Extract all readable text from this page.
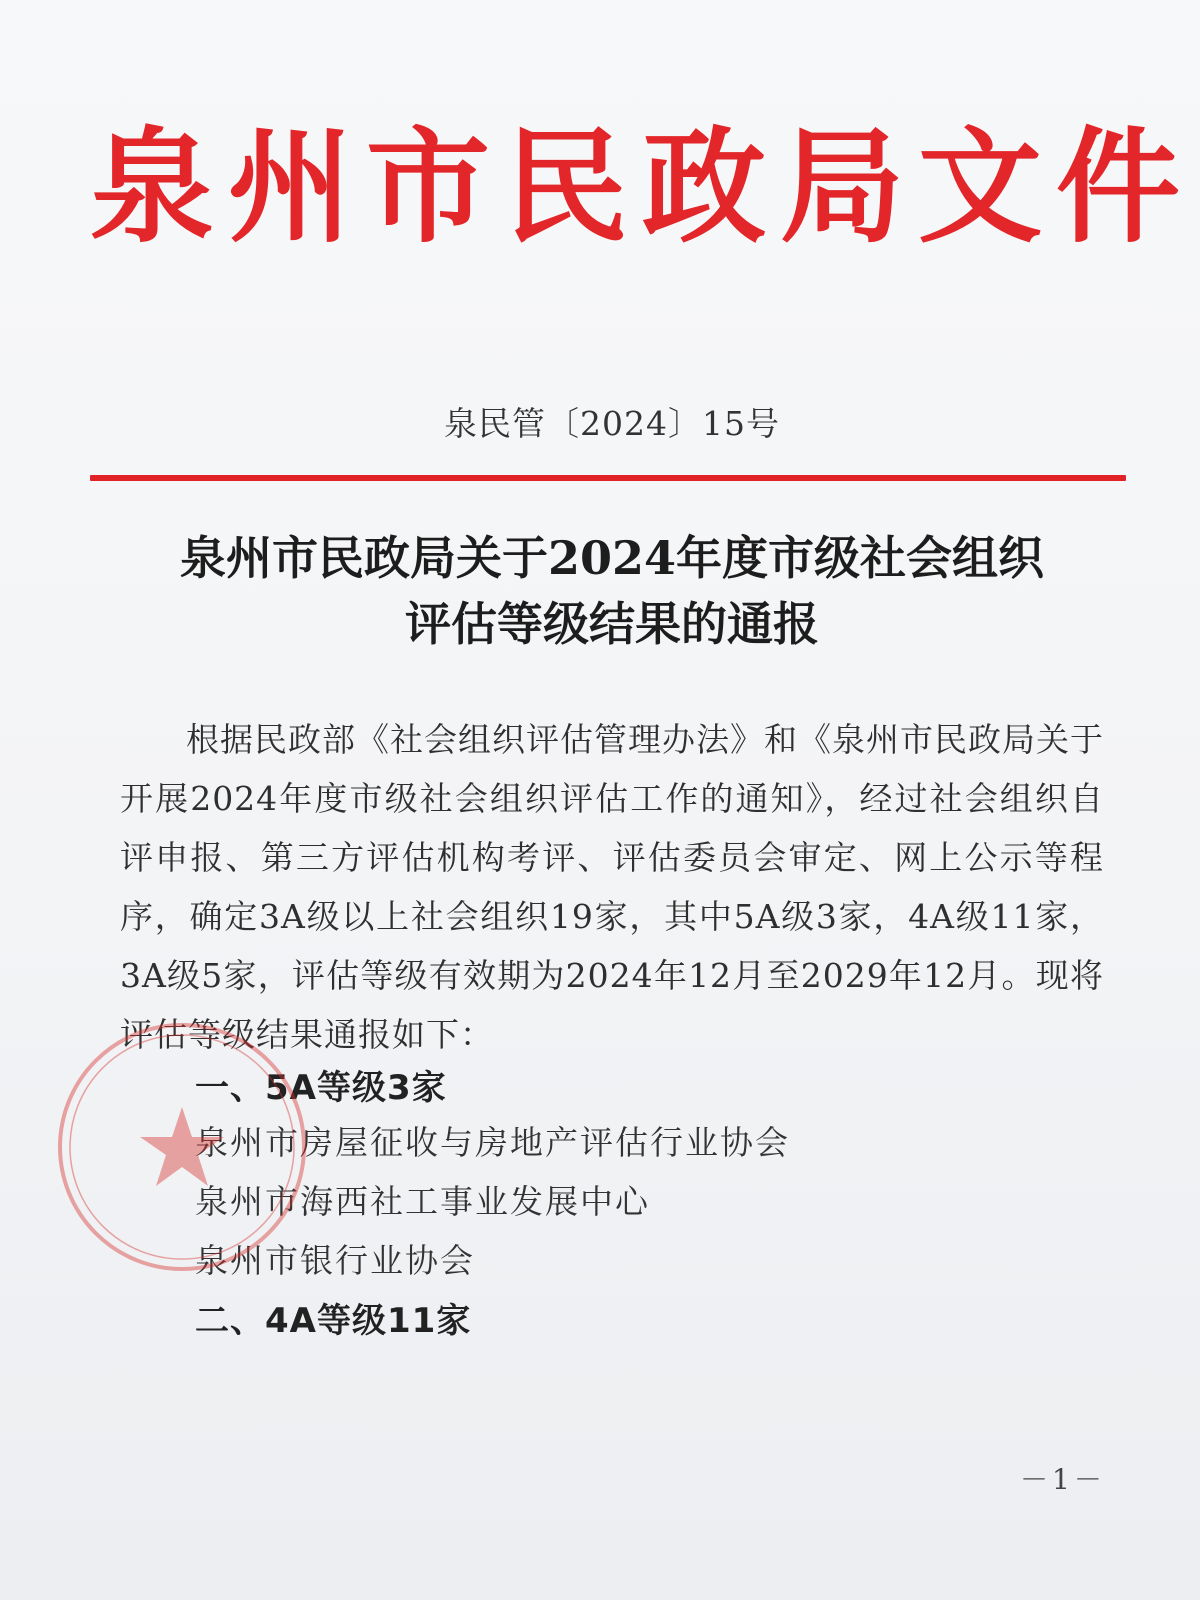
泉州市民政局文件
泉民管〔2024〕15号
泉州市民政局关于2024年度市级社会组织
评估等级结果的通报
根据民政部《社会组织评估管理办法》和《泉州市民政局关于开展2024年度市级社会组织评估工作的通知》，经过社会组织自评申报、第三方评估机构考评、评估委员会审定、网上公示等程序，确定3A级以上社会组织19家，其中5A级3家，4A级11家，3A级5家，评估等级有效期为2024年12月至2029年12月。现将评估等级结果通报如下：
一、5A等级3家
泉州市房屋征收与房地产评估行业协会
泉州市海西社工事业发展中心
泉州市银行业协会
二、4A等级11家
－1－
